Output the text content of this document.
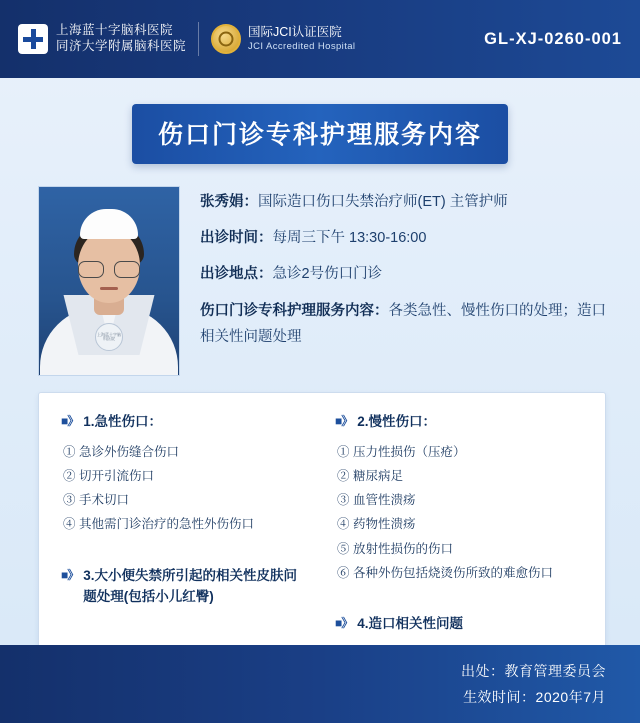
上海蓝十字脑科医院
同济大学附属脑科医院
国际JCI认证医院
JCI Accredited Hospital	GL-XJ-0260-001
伤口门诊专科护理服务内容
上海蓝十字脑科医院
张秀娟：国际造口伤口失禁治疗师(ET) 主管护师
出诊时间：每周三下午 13:30-16:00
出诊地点：急诊2号伤口门诊
伤口门诊专科护理服务内容：各类急性、慢性伤口的处理；造口相关性问题处理
■》 1.急性伤口：
① 急诊外伤缝合伤口
② 切开引流伤口
③ 手术切口
④ 其他需门诊治疗的急性外伤伤口
■》 3.大小便失禁所引起的相关性皮肤问题处理(包括小儿红臀)
■》 2.慢性伤口：
① 压力性损伤（压疮）
② 糖尿病足
③ 血管性溃疡
④ 药物性溃疡
⑤ 放射性损伤的伤口
⑥ 各种外伤包括烧烫伤所致的难愈伤口
■》 4.造口相关性问题
出处：教育管理委员会
生效时间：2020年7月
